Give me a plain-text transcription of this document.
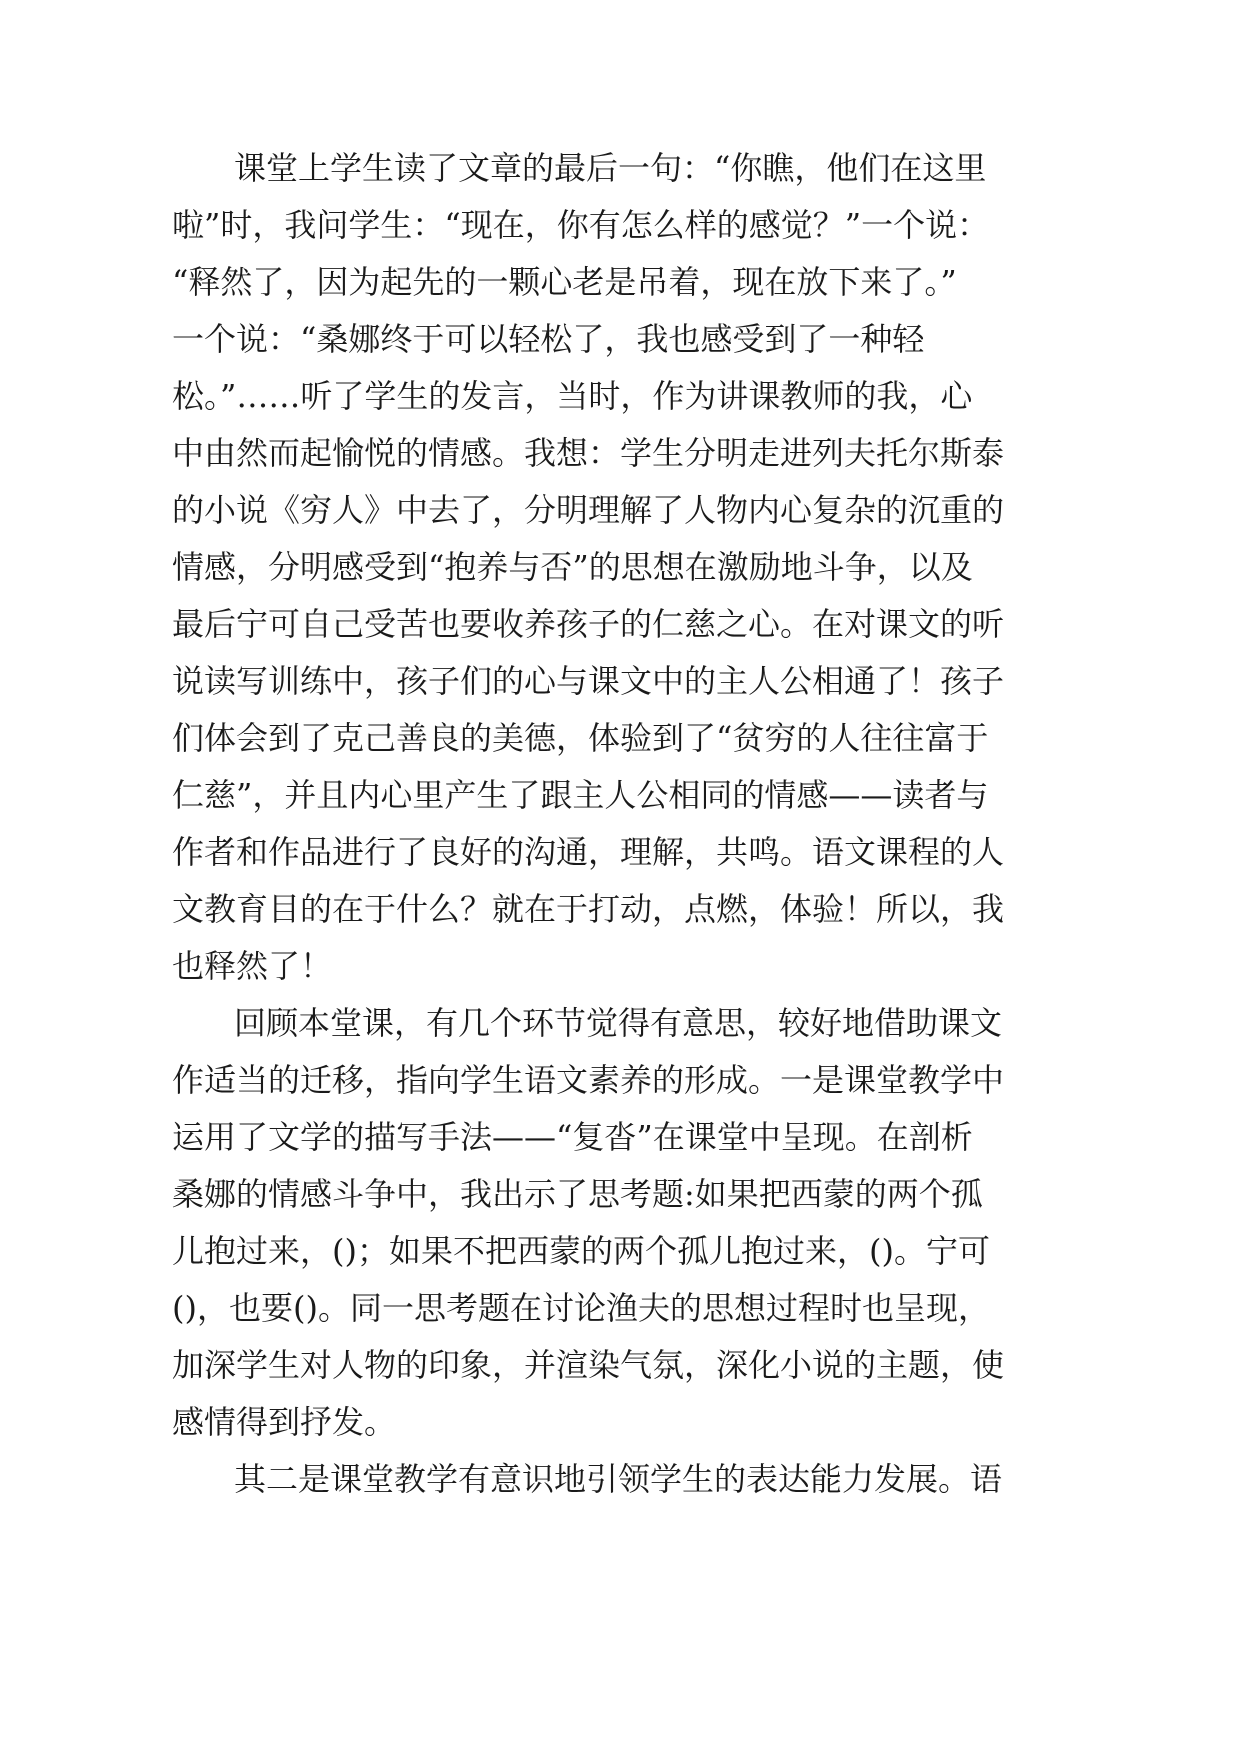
课堂上学生读了文章的最后一句：“你瞧，他们在这里
啦”时，我问学生：“现在，你有怎么样的感觉？”一个说：
“释然了，因为起先的一颗心老是吊着，现在放下来了。”
一个说：“桑娜终于可以轻松了，我也感受到了一种轻
松。”……听了学生的发言，当时，作为讲课教师的我，心
中由然而起愉悦的情感。我想：学生分明走进列夫托尔斯泰
的小说《穷人》中去了，分明理解了人物内心复杂的沉重的
情感，分明感受到“抱养与否”的思想在激励地斗争，以及
最后宁可自己受苦也要收养孩子的仁慈之心。在对课文的听
说读写训练中，孩子们的心与课文中的主人公相通了！孩子
们体会到了克己善良的美德，体验到了“贫穷的人往往富于
仁慈”，并且内心里产生了跟主人公相同的情感——读者与
作者和作品进行了良好的沟通，理解，共鸣。语文课程的人
文教育目的在于什么？就在于打动，点燃，体验！所以，我
也释然了！
回顾本堂课，有几个环节觉得有意思，较好地借助课文
作适当的迁移，指向学生语文素养的形成。一是课堂教学中
运用了文学的描写手法——“复沓”在课堂中呈现。在剖析
桑娜的情感斗争中，我出示了思考题:如果把西蒙的两个孤
儿抱过来，()；如果不把西蒙的两个孤儿抱过来，()。宁可
()，也要()。同一思考题在讨论渔夫的思想过程时也呈现，
加深学生对人物的印象，并渲染气氛，深化小说的主题，使
感情得到抒发。
其二是课堂教学有意识地引领学生的表达能力发展。语
